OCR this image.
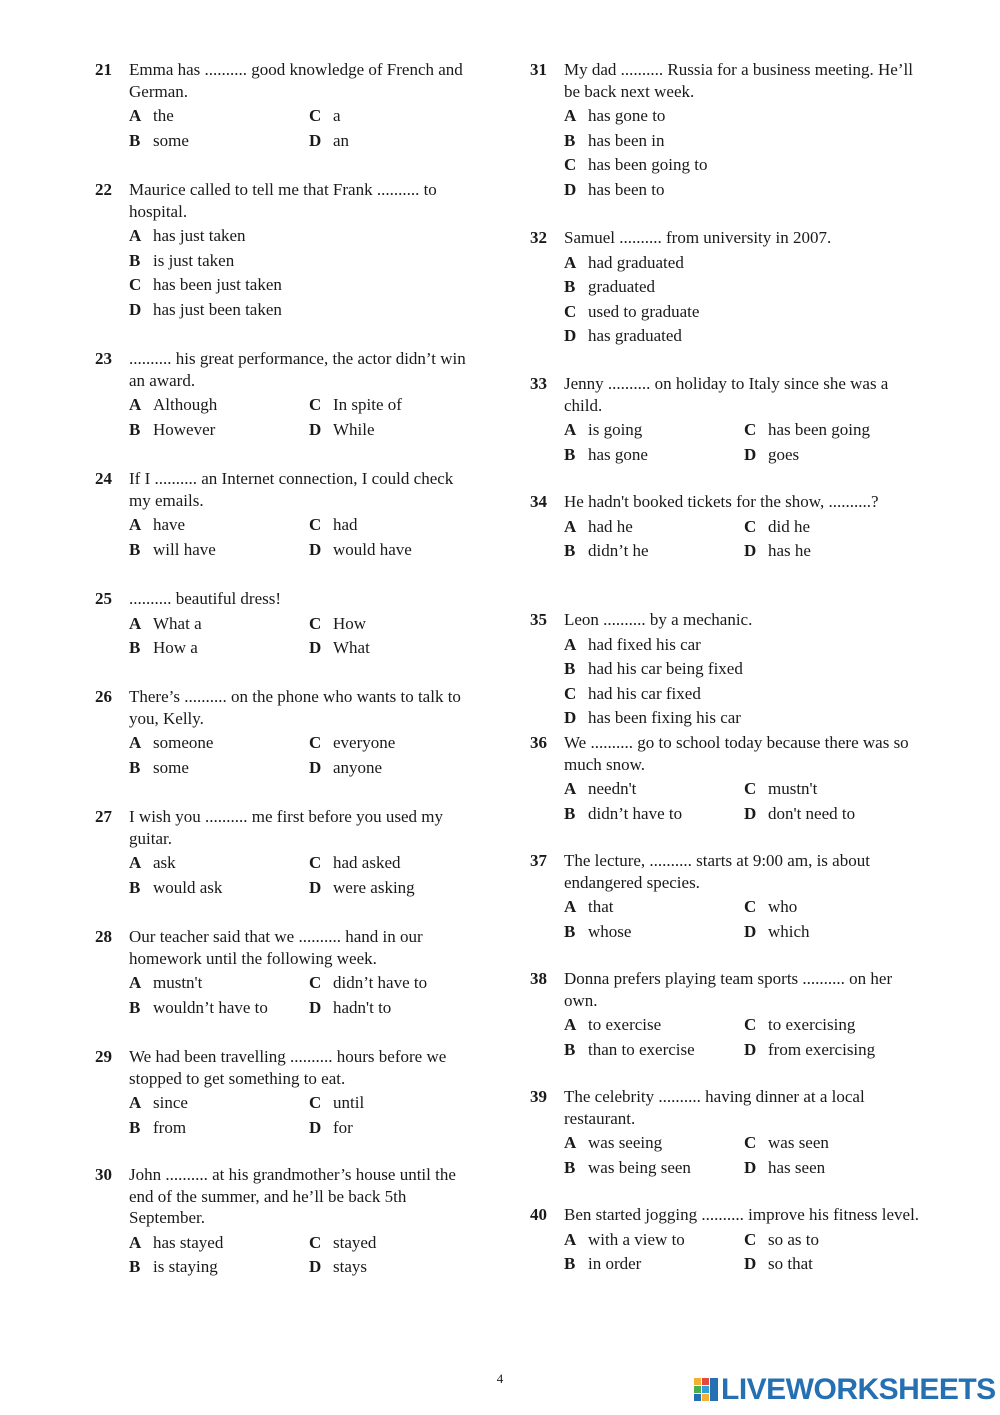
21 Emma has .......... good knowledge of French and German.
A the	C a
B some	D an
22 Maurice called to tell me that Frank .......... to hospital.
A has just taken
B is just taken
C has been just taken
D has just been taken
23 .......... his great performance, the actor didn’t win an award.
A Although	C In spite of
B However	D While
24 If I .......... an Internet connection, I could check my emails.
A have	C had
B will have	D would have
25 .......... beautiful dress!
A What a	C How
B How a	D What
26 There’s .......... on the phone who wants to talk to you, Kelly.
A someone	C everyone
B some	D anyone
27 I wish you .......... me first before you used my guitar.
A ask	C had asked
B would ask	D were asking
28 Our teacher said that we .......... hand in our homework until the following week.
A mustn't	C didn’t have to
B wouldn’t have to	D hadn't to
29 We had been travelling .......... hours before we stopped to get something to eat.
A since	C until
B from	D for
30 John .......... at his grandmother’s house until the end of the summer, and he’ll be back 5th September.
A has stayed	C stayed
B is staying	D stays
31 My dad .......... Russia for a business meeting. He’ll be back next week.
A has gone to
B has been in
C has been going to
D has been to
32 Samuel .......... from university in 2007.
A had graduated
B graduated
C used to graduate
D has graduated
33 Jenny .......... on holiday to Italy since she was a child.
A is going	C has been going
B has gone	D goes
34 He hadn't booked tickets for the show, ..........?
A had he	C did he
B didn’t he	D has he
35 Leon .......... by a mechanic.
A had fixed his car
B had his car being fixed
C had his car fixed
D has been fixing his car
36 We .......... go to school today because there was so much snow.
A needn't	C mustn't
B didn’t have to	D don't need to
37 The lecture, .......... starts at 9:00 am, is about endangered species.
A that	C who
B whose	D which
38 Donna prefers playing team sports .......... on her own.
A to exercise	C to exercising
B than to exercise	D from exercising
39 The celebrity .......... having dinner at a local restaurant.
A was seeing	C was seen
B was being seen	D has seen
40 Ben started jogging .......... improve his fitness level.
A with a view to	C so as to
B in order	D so that
4	LIVEWORKSHEETS
